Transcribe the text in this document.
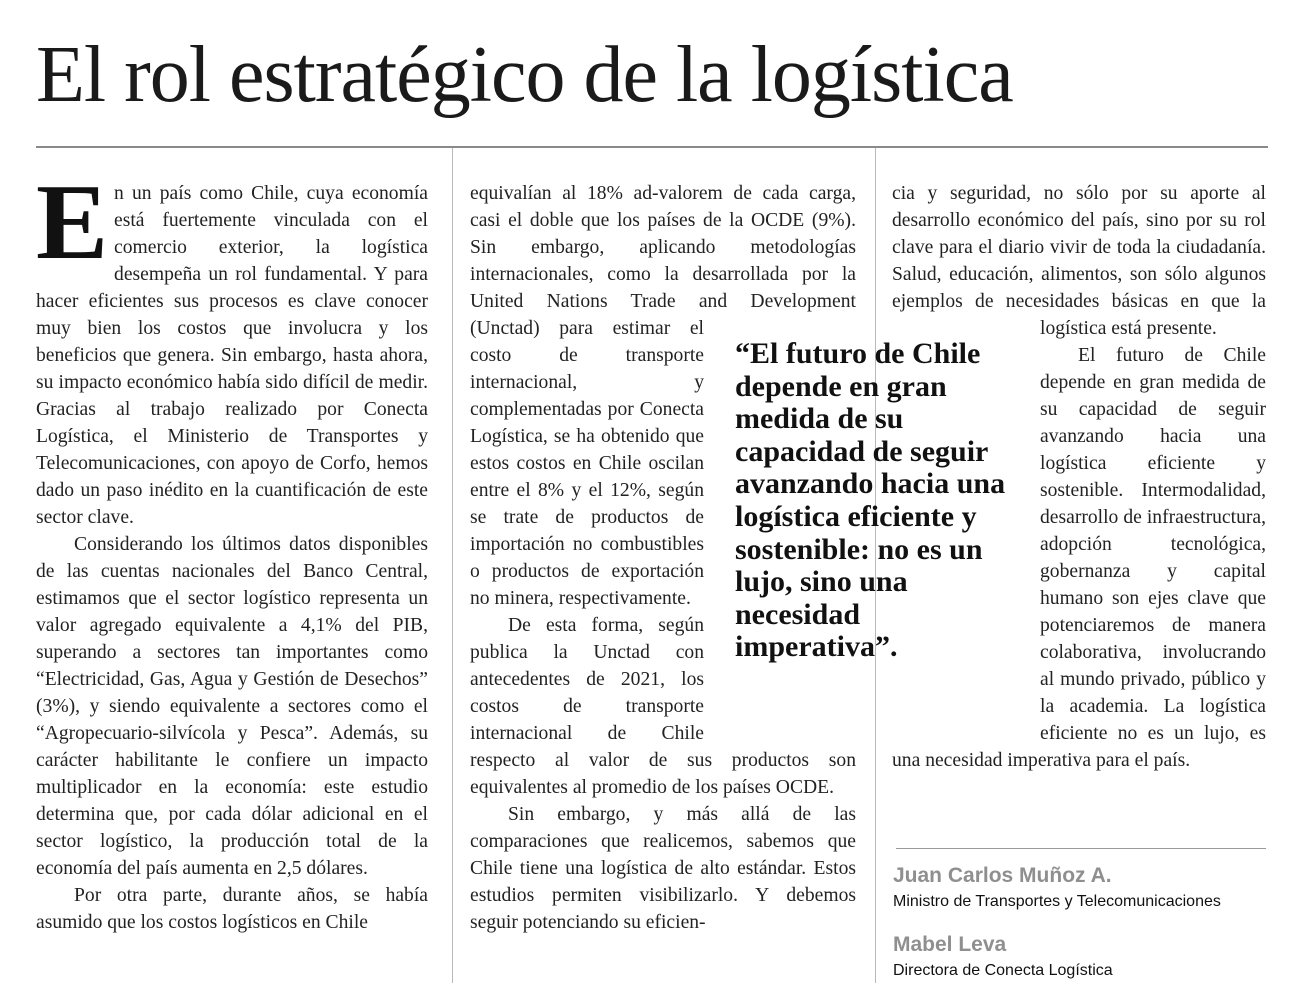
El rol estratégico de la logística

En un país como Chile, cuya economía está fuertemente vinculada con el comercio exterior, la logística desempeña un rol fundamental. Y para hacer eficientes sus procesos es clave conocer muy bien los costos que involucra y los beneficios que genera. Sin embargo, hasta ahora, su impacto económico había sido difícil de medir. Gracias al trabajo realizado por Conecta Logística, el Ministerio de Transportes y Telecomunicaciones, con apoyo de Corfo, hemos dado un paso inédito en la cuantificación de este sector clave.

Considerando los últimos datos disponibles de las cuentas nacionales del Banco Central, estimamos que el sector logístico representa un valor agregado equivalente a 4,1% del PIB, superando a sectores tan importantes como “Electricidad, Gas, Agua y Gestión de Desechos” (3%), y siendo equivalente a sectores como el “Agropecuario-silvícola y Pesca”. Además, su carácter habilitante le confiere un impacto multiplicador en la economía: este estudio determina que, por cada dólar adicional en el sector logístico, la producción total de la economía del país aumenta en 2,5 dólares.

Por otra parte, durante años, se había asumido que los costos logísticos en Chile

equivalían al 18% ad-valorem de cada carga, casi el doble que los países de la OCDE (9%). Sin embargo, aplicando metodologías internacionales, como la desarrollada por la United Nations Trade and Development (Unctad) para estimar el costo de transporte internacional, y complementadas por Conecta Logística, se ha obtenido que estos costos en Chile oscilan entre el 8% y el 12%, según se trate de productos de importación no combustibles o productos de exportación no minera, respectivamente.

De esta forma, según publica la Unctad con antecedentes de 2021, los costos de transporte internacional de Chile respecto al valor de sus productos son equivalentes al promedio de los países OCDE.

Sin embargo, y más allá de las comparaciones que realicemos, sabemos que Chile tiene una logística de alto estándar. Estos estudios permiten visibilizarlo. Y debemos seguir potenciando su eficien-

cia y seguridad, no sólo por su aporte al desarrollo económico del país, sino por su rol clave para el diario vivir de toda la ciudadanía. Salud, educación, alimentos, son sólo algunos ejemplos de necesidades básicas en que la logística está presente.

El futuro de Chile depende en gran medida de su capacidad de seguir avanzando hacia una logística eficiente y sostenible. Intermodalidad, desarrollo de infraestructura, adopción tecnológica, gobernanza y capital humano son ejes clave que potenciaremos de manera colaborativa, involucrando al mundo privado, público y la academia. La logística eficiente no es un lujo, es una necesidad imperativa para el país.

“El futuro de Chile depende en gran medida de su capacidad de seguir avanzando hacia una logística eficiente y sostenible: no es un lujo, sino una necesidad imperativa”.

Juan Carlos Muñoz A.

Ministro de Transportes y Telecomunicaciones

Mabel Leva

Directora de Conecta Logística
